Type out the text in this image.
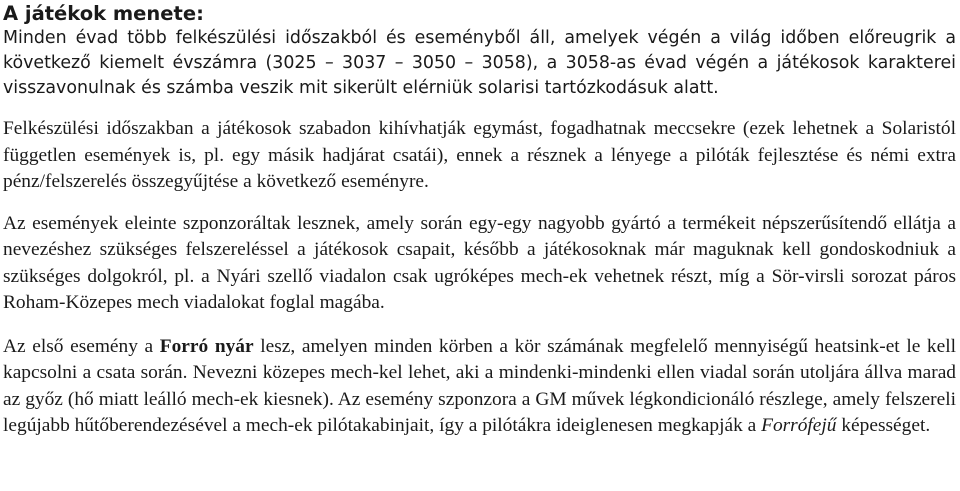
A játékok menete:

Minden évad több felkészülési időszakból és eseményből áll, amelyek végén a világ időben előreugrik a következő kiemelt évszámra (3025 – 3037 – 3050 – 3058), a 3058-as évad végén a játékosok karakterei visszavonulnak és számba veszik mit sikerült elérniük solarisi tartózkodásuk alatt.

Felkészülési időszakban a játékosok szabadon kihívhatják egymást, fogadhatnak meccsekre (ezek lehetnek a Solaristól független események is, pl. egy másik hadjárat csatái), ennek a résznek a lényege a pilóták fejlesztése és némi extra pénz/felszerelés összegyűjtése a következő eseményre.

Az események eleinte szponzoráltak lesznek, amely során egy-egy nagyobb gyártó a termékeit népszerűsítendő ellátja a nevezéshez szükséges felszereléssel a játékosok csapait, később a játékosoknak már maguknak kell gondoskodniuk a szükséges dolgokról, pl. a Nyári szellő viadalon csak ugróképes mech-ek vehetnek részt, míg a Sör-virsli sorozat páros Roham-Közepes mech viadalokat foglal magába.

Az első esemény a Forró nyár lesz, amelyen minden körben a kör számának megfelelő mennyiségű heatsink-et le kell kapcsolni a csata során. Nevezni közepes mech-kel lehet, aki a mindenki-mindenki ellen viadal során utoljára állva marad az győz (hő miatt leálló mech-ek kiesnek). Az esemény szponzora a GM művek légkondicionáló részlege, amely felszereli legújabb hűtőberendezésével a mech-ek pilótakabinjait, így a pilótákra ideiglenesen megkapják a Forrófejű képességet.
